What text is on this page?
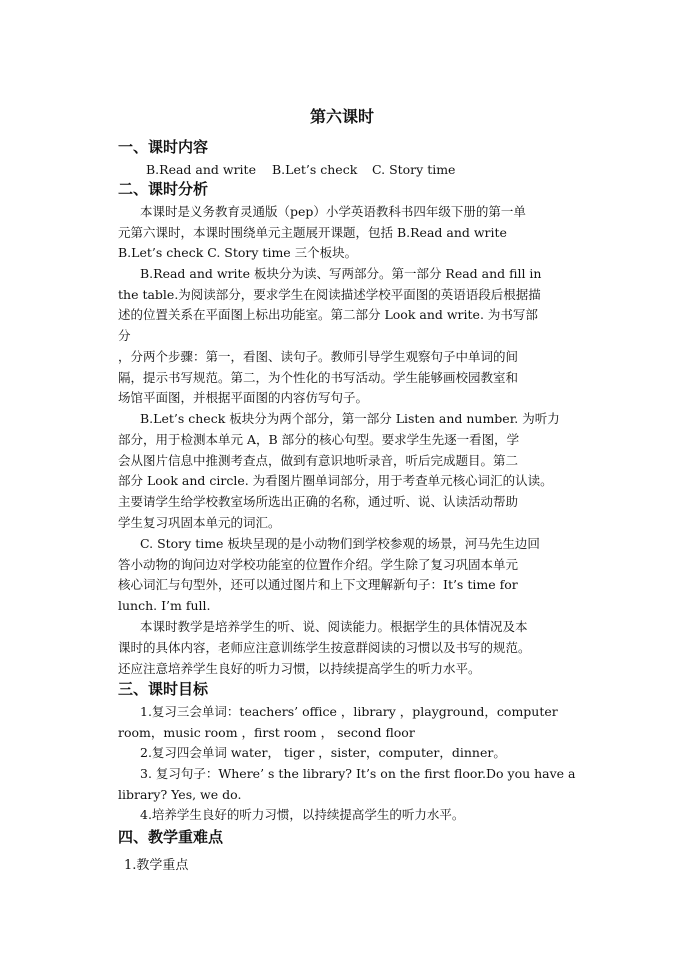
第六课时
一、课时内容
B.Read and write B.Let’s check C. Story time
二、课时分析
本课时是义务教育灵通版（pep）小学英语教科书四年级下册的第一单
元第六课时，本课时围绕单元主题展开课题，包括 B.Read and write
B.Let’s check C. Story time 三个板块。
B.Read and write 板块分为读、写两部分。第一部分 Read and fill in
the table.为阅读部分，要求学生在阅读描述学校平面图的英语语段后根据描
述的位置关系在平面图上标出功能室。第二部分 Look and write. 为书写部
分
，分两个步骤：第一，看图、读句子。教师引导学生观察句子中单词的间
隔，提示书写规范。第二，为个性化的书写活动。学生能够画校园教室和
场馆平面图，并根据平面图的内容仿写句子。
B.Let’s check 板块分为两个部分，第一部分 Listen and number. 为听力
部分，用于检测本单元 A，B 部分的核心句型。要求学生先逐一看图，学
会从图片信息中推测考查点，做到有意识地听录音，听后完成题目。第二
部分 Look and circle. 为看图片圈单词部分，用于考查单元核心词汇的认读。
主要请学生给学校教室场所选出正确的名称，通过听、说、认读活动帮助
学生复习巩固本单元的词汇。
C. Story time 板块呈现的是小动物们到学校参观的场景，河马先生边回
答小动物的询问边对学校功能室的位置作介绍。学生除了复习巩固本单元
核心词汇与句型外，还可以通过图片和上下文理解新句子：It’s time for
lunch. I’m full.
本课时教学是培养学生的听、说、阅读能力。根据学生的具体情况及本
课时的具体内容，老师应注意训练学生按意群阅读的习惯以及书写的规范。
还应注意培养学生良好的听力习惯，以持续提高学生的听力水平。
三、课时目标
1.复习三会单词：teachers’ office ，library ，playground，computer
room，music room ，first room ， second floor
2.复习四会单词 water， tiger ，sister，computer，dinner。
3. 复习句子：Where’ s the library? It’s on the first floor.Do you have a
library? Yes, we do.
4.培养学生良好的听力习惯，以持续提高学生的听力水平。
四、教学重难点
1.教学重点
